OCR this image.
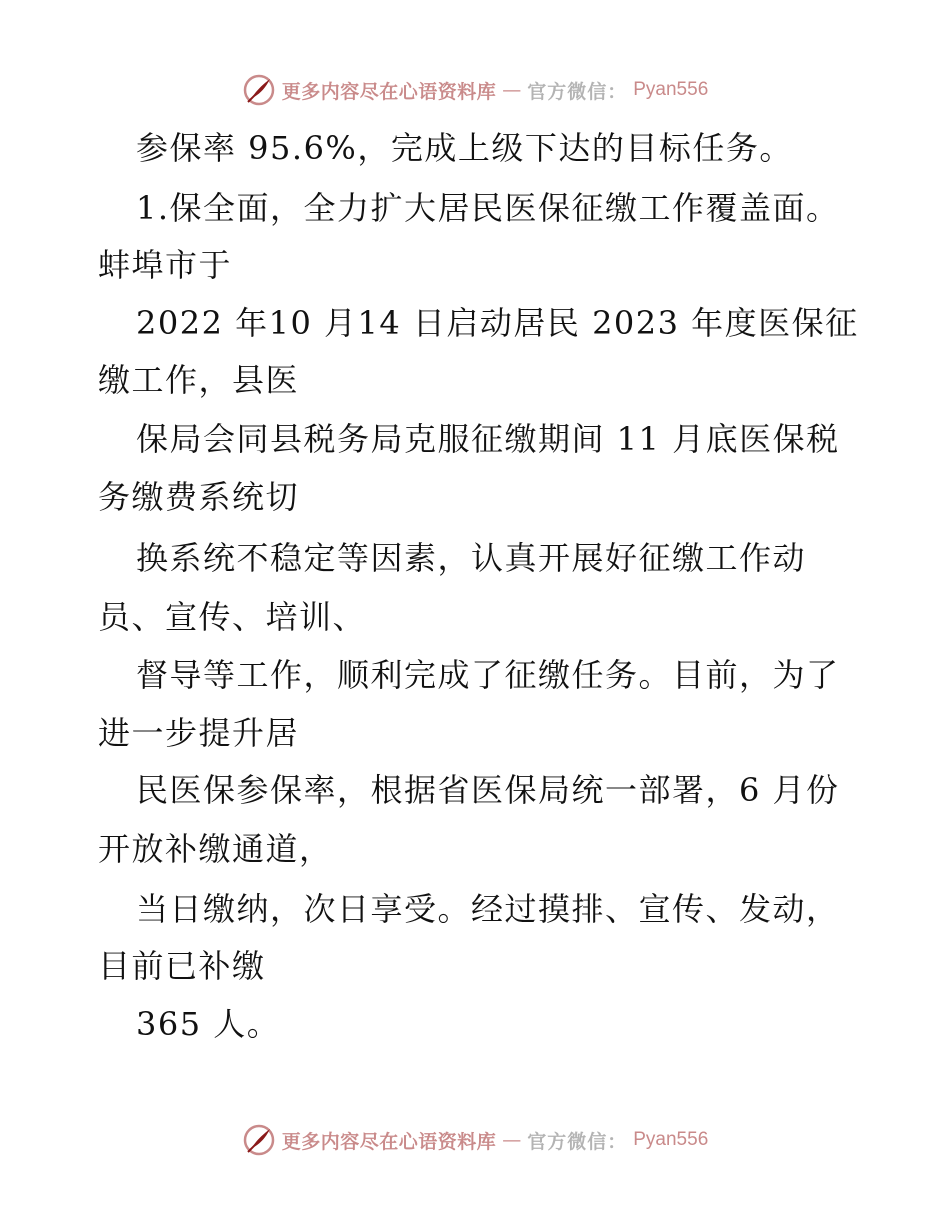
更多内容尽在心语资料库 — 官方微信： Pyan556
参保率 95.6%，完成上级下达的目标任务。
1.保全面，全力扩大居民医保征缴工作覆盖面。
蚌埠市于
2022 年10 月14 日启动居民 2023 年度医保征
缴工作，县医
保局会同县税务局克服征缴期间 11 月底医保税
务缴费系统切
换系统不稳定等因素，认真开展好征缴工作动
员、宣传、培训、
督导等工作，顺利完成了征缴任务。目前，为了
进一步提升居
民医保参保率，根据省医保局统一部署，6 月份
开放补缴通道，
当日缴纳，次日享受。经过摸排、宣传、发动，
目前已补缴
365 人。
更多内容尽在心语资料库 — 官方微信： Pyan556
